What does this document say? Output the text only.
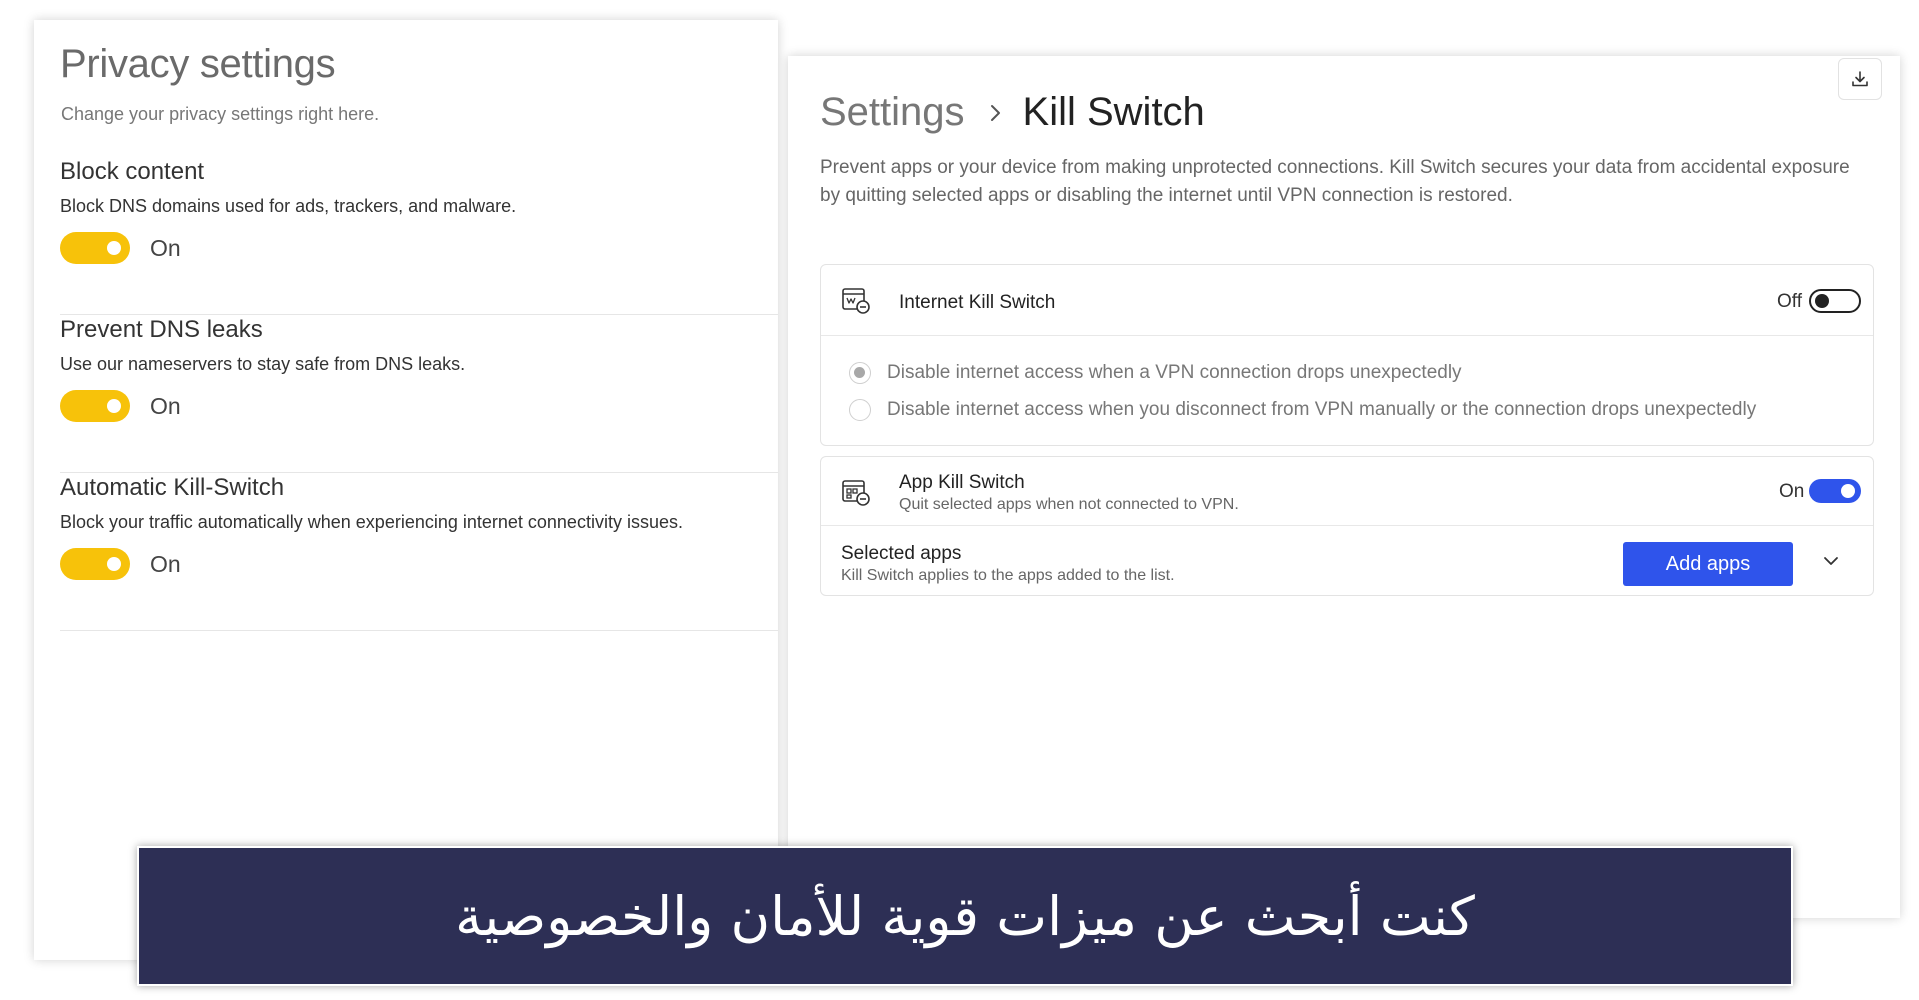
Privacy settings
Change your privacy settings right here.
Block content
Block DNS domains used for ads, trackers, and malware.
On
Prevent DNS leaks
Use our nameservers to stay safe from DNS leaks.
On
Automatic Kill-Switch
Block your traffic automatically when experiencing internet connectivity issues.
On
Settings Kill Switch
Prevent apps or your device from making unprotected connections. Kill Switch secures your data from accidental exposure by quitting selected apps or disabling the internet until VPN connection is restored.
Internet Kill Switch	Off
Disable internet access when a VPN connection drops unexpectedly
Disable internet access when you disconnect from VPN manually or the connection drops unexpectedly
App Kill Switch
Quit selected apps when not connected to VPN.
On
Selected apps
Kill Switch applies to the apps added to the list.
Add apps
كنت أبحث عن ميزات قوية للأمان والخصوصية
